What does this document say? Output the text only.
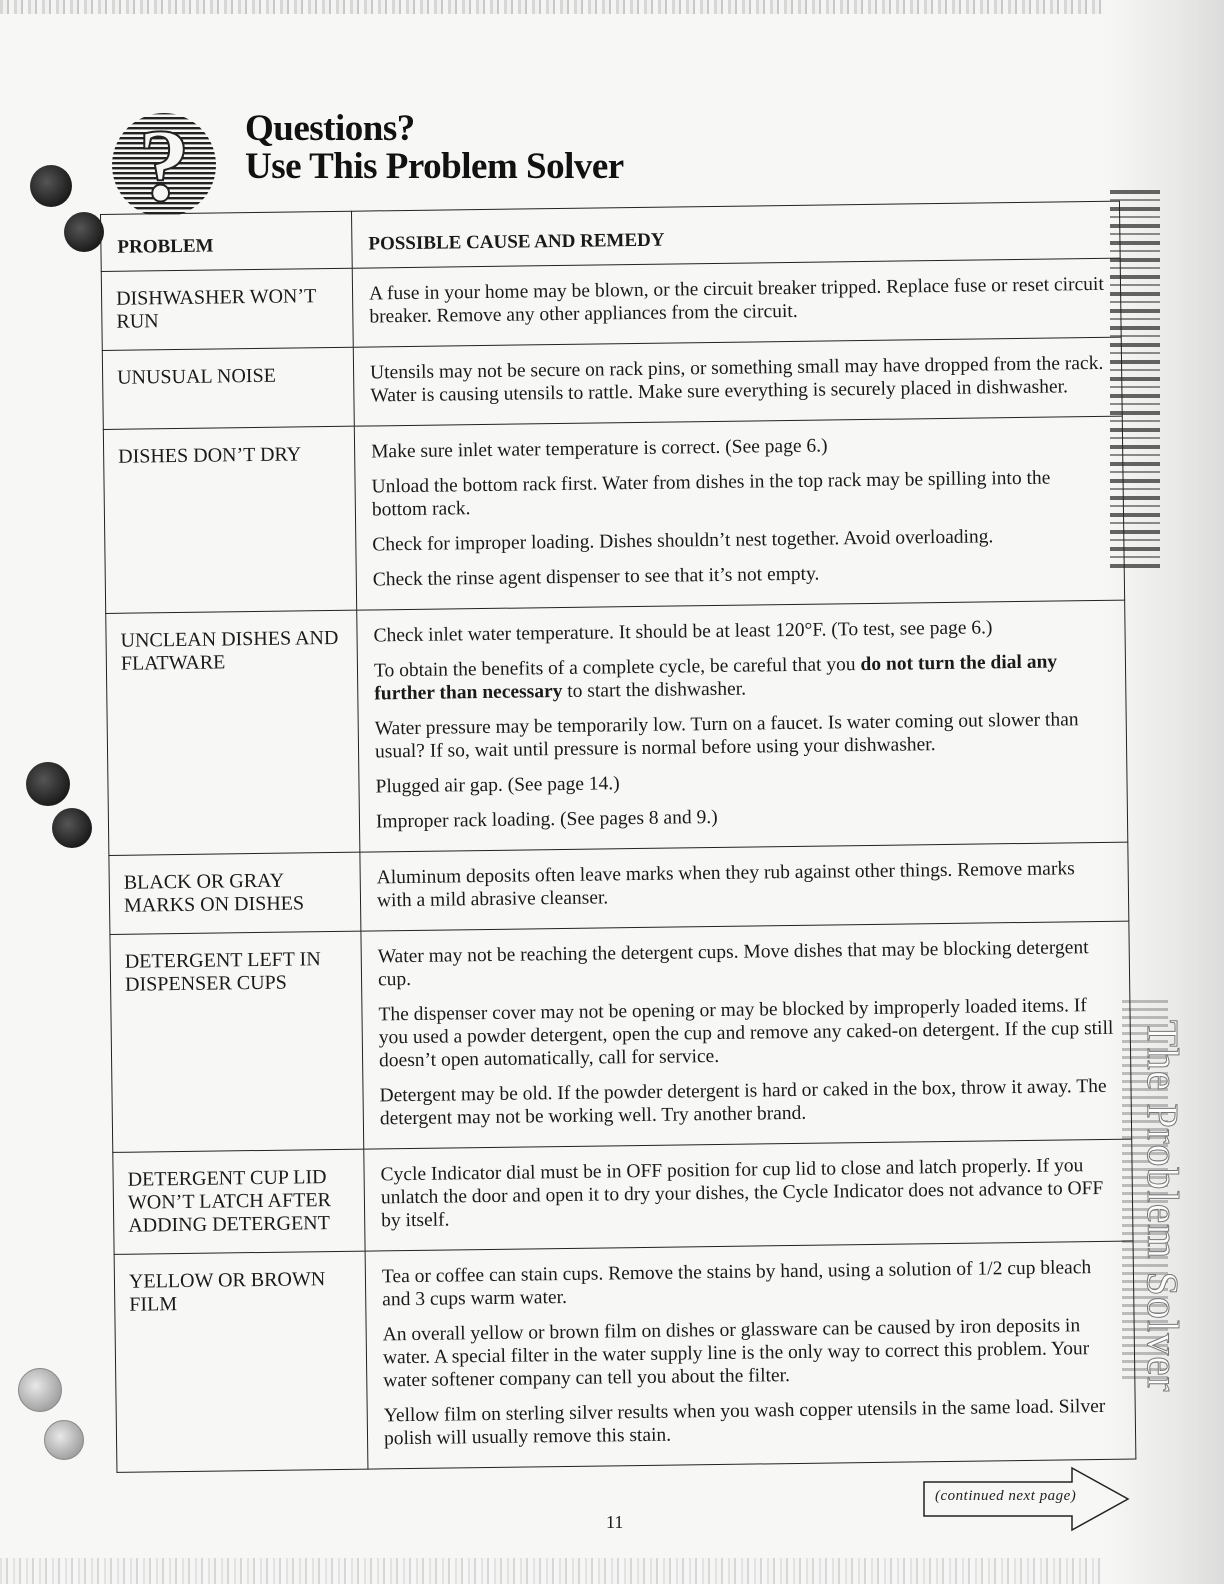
The Problem Solver
? Questions?
Use This Problem Solver
PROBLEM	POSSIBLE CAUSE AND REMEDY
DISHWASHER WON’T RUN	A fuse in your home may be blown, or the circuit breaker tripped. Replace fuse or reset circuit breaker. Remove any other appliances from the circuit.

UNUSUAL NOISE	Utensils may not be secure on rack pins, or something small may have dropped from the rack. Water is causing utensils to rattle. Make sure everything is securely placed in dishwasher.

DISHES DON’T DRY	Make sure inlet water temperature is correct. (See page 6.)

Unload the bottom rack first. Water from dishes in the top rack may be spilling into the bottom rack.

Check for improper loading. Dishes shouldn’t nest together. Avoid overloading.

Check the rinse agent dispenser to see that it’s not empty.

UNCLEAN DISHES AND FLATWARE	Check inlet water temperature. It should be at least 120°F. (To test, see page 6.)

To obtain the benefits of a complete cycle, be careful that you do not turn the dial any further than necessary to start the dishwasher.

Water pressure may be temporarily low. Turn on a faucet. Is water coming out slower than usual? If so, wait until pressure is normal before using your dishwasher.

Plugged air gap. (See page 14.)

Improper rack loading. (See pages 8 and 9.)

BLACK OR GRAY MARKS ON DISHES	Aluminum deposits often leave marks when they rub against other things. Remove marks with a mild abrasive cleanser.

DETERGENT LEFT IN DISPENSER CUPS	Water may not be reaching the detergent cups. Move dishes that may be blocking detergent cup.

The dispenser cover may not be opening or may be blocked by improperly loaded items. If you used a powder detergent, open the cup and remove any caked-on detergent. If the cup still doesn’t open automatically, call for service.

Detergent may be old. If the powder detergent is hard or caked in the box, throw it away. The detergent may not be working well. Try another brand.

DETERGENT CUP LID WON’T LATCH AFTER ADDING DETERGENT	Cycle Indicator dial must be in OFF position for cup lid to close and latch properly. If you unlatch the door and open it to dry your dishes, the Cycle Indicator does not advance to OFF by itself.

YELLOW OR BROWN FILM	Tea or coffee can stain cups. Remove the stains by hand, using a solution of 1/2 cup bleach and 3 cups warm water.

An overall yellow or brown film on dishes or glassware can be caused by iron deposits in water. A special filter in the water supply line is the only way to correct this problem. Your water softener company can tell you about the filter.

Yellow film on sterling silver results when you wash copper utensils in the same load. Silver polish will usually remove this stain.

(continued next page)
11
